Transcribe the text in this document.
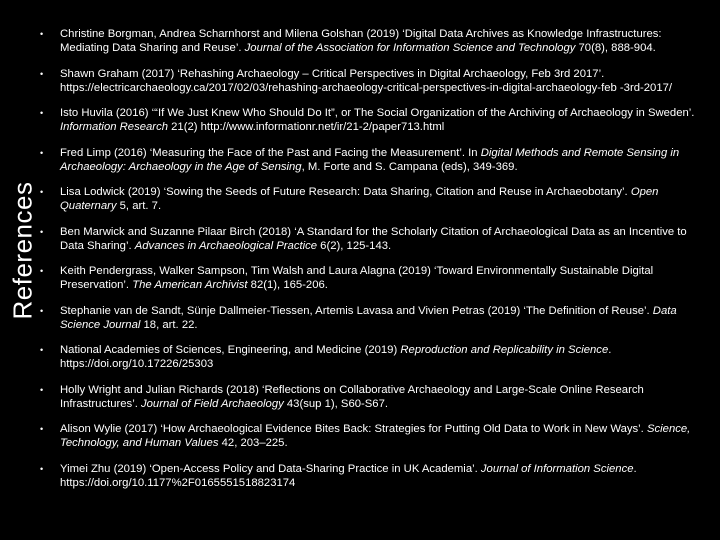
References
• Christine Borgman, Andrea Scharnhorst and Milena Golshan (2019) ‘Digital Data Archives as Knowledge Infrastructures: Mediating Data Sharing and Reuse’. Journal of the Association for Information Science and Technology 70(8), 888-904.
• Shawn Graham (2017) ‘Rehashing Archaeology – Critical Perspectives in Digital Archaeology, Feb 3rd 2017’. https://electricarchaeology.ca/2017/02/03/rehashing-archaeology-critical-perspectives-in-digital-archaeology-feb -3rd-2017/
• Isto Huvila (2016) ‘“If We Just Knew Who Should Do It”, or The Social Organization of the Archiving of Archaeology in Sweden’. Information Research 21(2) http://www.informationr.net/ir/21-2/paper713.html
• Fred Limp (2016) ‘Measuring the Face of the Past and Facing the Measurement’. In Digital Methods and Remote Sensing in Archaeology: Archaeology in the Age of Sensing, M. Forte and S. Campana (eds), 349-369.
• Lisa Lodwick (2019) ‘Sowing the Seeds of Future Research: Data Sharing, Citation and Reuse in Archaeobotany’. Open Quaternary 5, art. 7.
• Ben Marwick and Suzanne Pilaar Birch (2018) ‘A Standard for the Scholarly Citation of Archaeological Data as an Incentive to Data Sharing’. Advances in Archaeological Practice 6(2), 125-143.
• Keith Pendergrass, Walker Sampson, Tim Walsh and Laura Alagna (2019) ‘Toward Environmentally Sustainable Digital Preservation’. The American Archivist 82(1), 165-206.
• Stephanie van de Sandt, Sünje Dallmeier-Tiessen, Artemis Lavasa and Vivien Petras (2019) ‘The Definition of Reuse’. Data Science Journal 18, art. 22.
• National Academies of Sciences, Engineering, and Medicine (2019) Reproduction and Replicability in Science. https://doi.org/10.17226/25303
• Holly Wright and Julian Richards (2018) ‘Reflections on Collaborative Archaeology and Large-Scale Online Research Infrastructures’. Journal of Field Archaeology 43(sup 1), S60-S67.
• Alison Wylie (2017) ‘How Archaeological Evidence Bites Back: Strategies for Putting Old Data to Work in New Ways’. Science, Technology, and Human Values 42, 203–225.
• Yimei Zhu (2019) ‘Open-Access Policy and Data-Sharing Practice in UK Academia’. Journal of Information Science. https://doi.org/10.1177%2F0165551518823174
